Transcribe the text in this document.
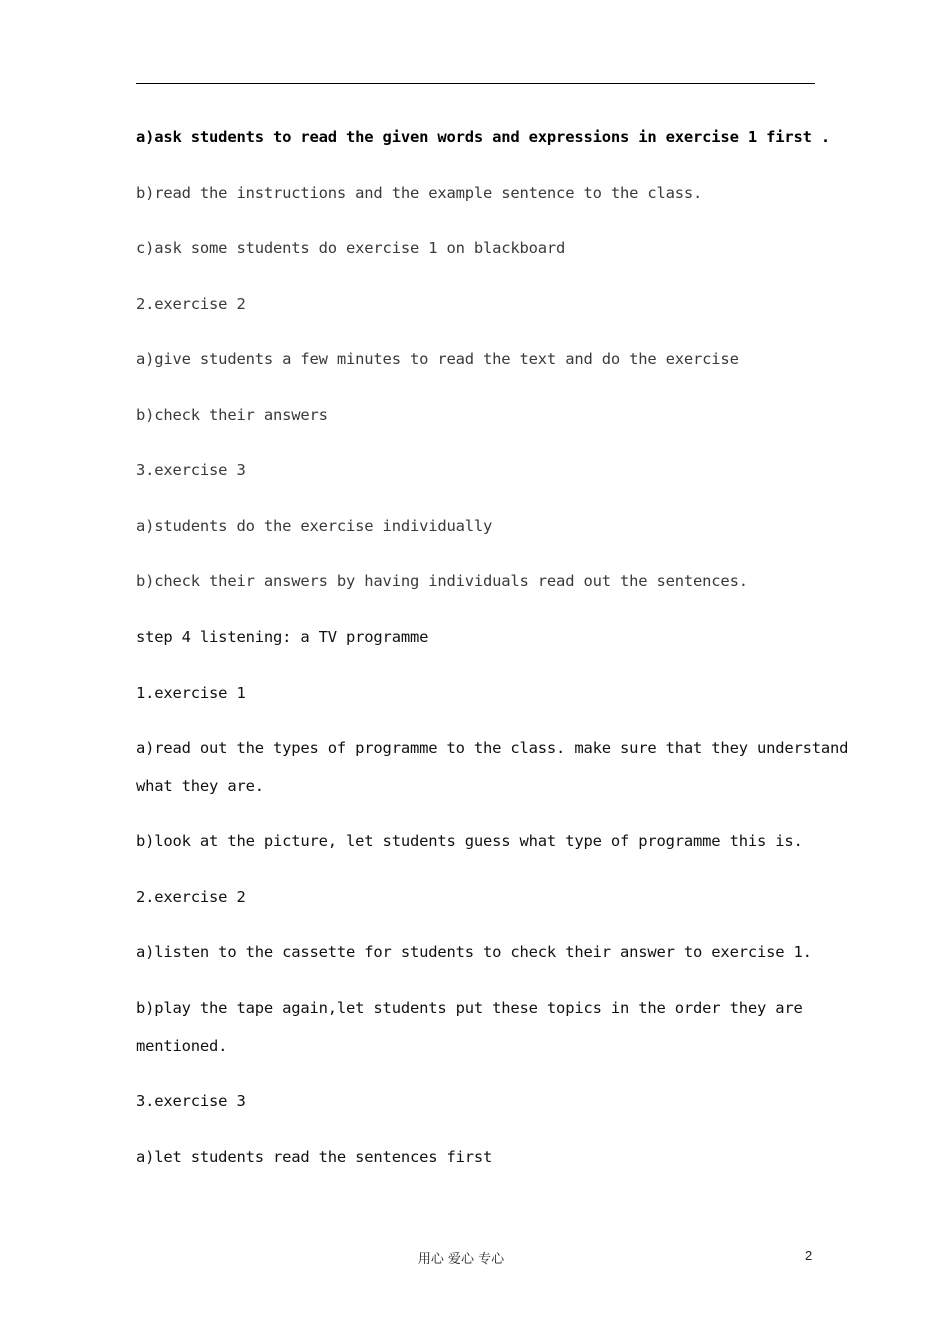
a)ask students to read the given words and expressions in exercise 1 first .
b)read the instructions and the example sentence to the class.
c)ask some students do exercise 1 on blackboard
2.exercise 2
a)give students a few minutes to read the text and do the exercise
b)check their answers
3.exercise 3
a)students do the exercise individually
b)check their answers by having individuals read out the sentences.
step 4 listening: a TV programme
1.exercise 1
a)read out the types of programme to the class. make sure that they understand
what they are.
b)look at the picture, let students guess what type of programme this is.
2.exercise 2
a)listen to the cassette for students to check their answer to exercise 1.
b)play the tape again,let students put these topics in the order they are
mentioned.
3.exercise 3
a)let students read the sentences first
用心 爱心 专心	2
